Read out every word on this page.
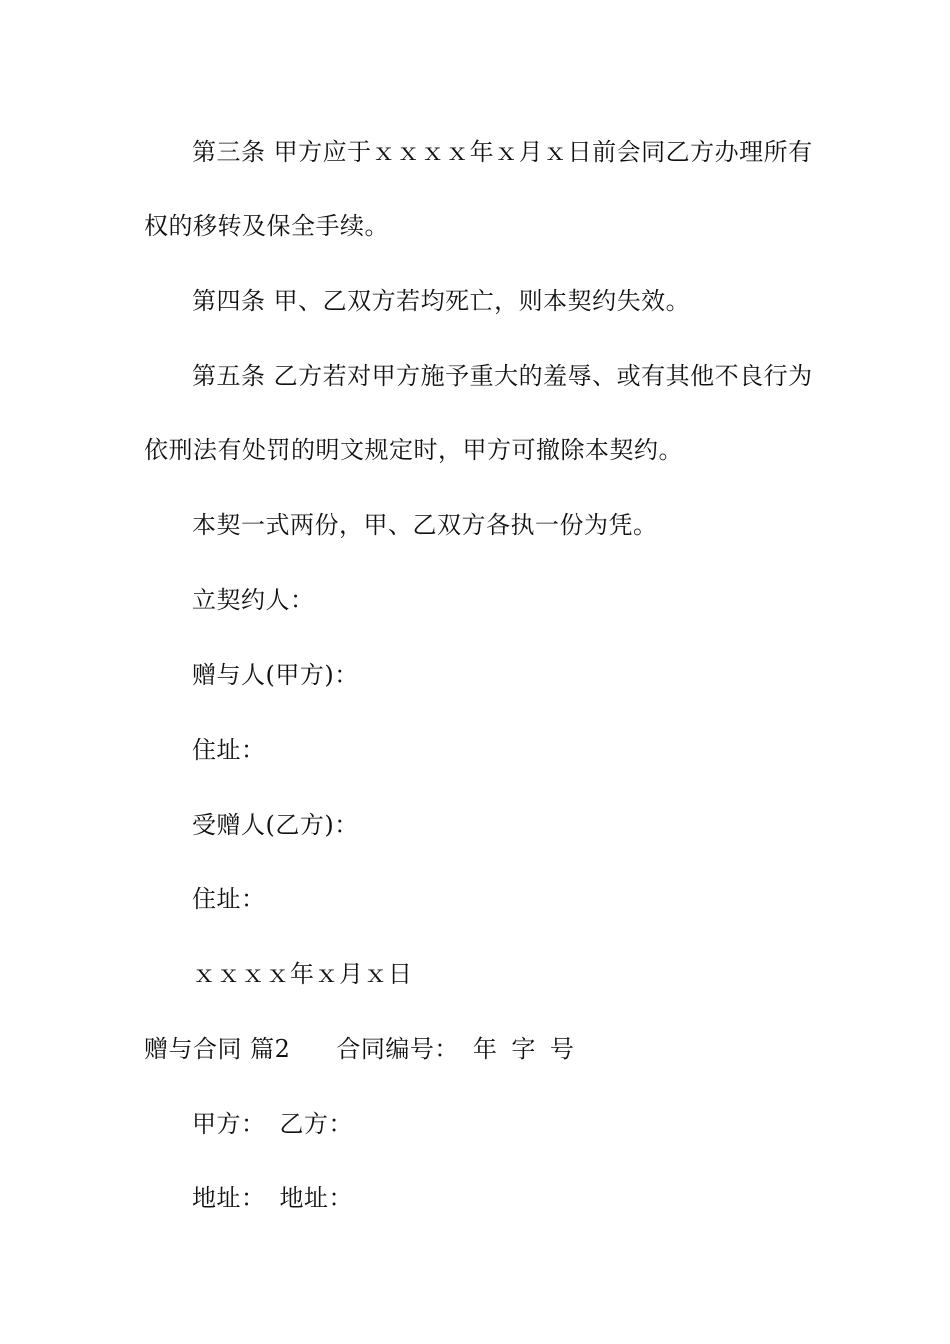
第三条 甲方应于ｘｘｘｘ年ｘ月ｘ日前会同乙方办理所有
权的移转及保全手续。
第四条 甲、乙双方若均死亡，则本契约失效。
第五条 乙方若对甲方施予重大的羞辱、或有其他不良行为
依刑法有处罚的明文规定时，甲方可撤除本契约。
本契一式两份，甲、乙双方各执一份为凭。
立契约人：
赠与人(甲方)：
住址：
受赠人(乙方)：
住址：
ｘｘｘｘ年ｘ月ｘ日
赠与合同 篇2 合同编号： 年 字 号
甲方： 乙方：
地址： 地址：
